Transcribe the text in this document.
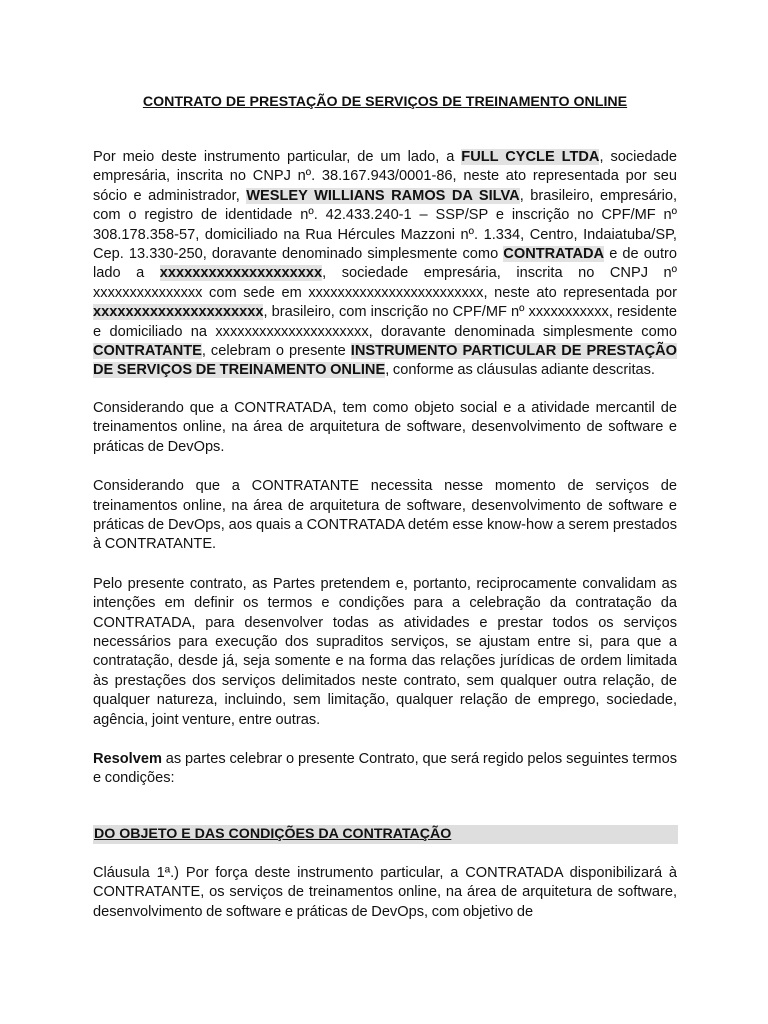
CONTRATO DE PRESTAÇÃO DE SERVIÇOS DE TREINAMENTO ONLINE

Por meio deste instrumento particular, de um lado, a FULL CYCLE LTDA, sociedade empresária, inscrita no CNPJ nº. 38.167.943/0001-86, neste ato representada por seu sócio e administrador, WESLEY WILLIANS RAMOS DA SILVA, brasileiro, empresário, com o registro de identidade nº. 42.433.240-1 – SSP/SP e inscrição no CPF/MF nº 308.178.358-57, domiciliado na Rua Hércules Mazzoni nº. 1.334, Centro, Indaiatuba/SP, Cep. 13.330-250, doravante denominado simplesmente como CONTRATADA e de outro lado a xxxxxxxxxxxxxxxxxxxx, sociedade empresária, inscrita no CNPJ nº xxxxxxxxxxxxxxx com sede em xxxxxxxxxxxxxxxxxxxxxxxx, neste ato representada por xxxxxxxxxxxxxxxxxxxxx, brasileiro, com inscrição no CPF/MF nº xxxxxxxxxxx, residente e domiciliado na xxxxxxxxxxxxxxxxxxxxx, doravante denominada simplesmente como CONTRATANTE, celebram o presente INSTRUMENTO PARTICULAR DE PRESTAÇÃO DE SERVIÇOS DE TREINAMENTO ONLINE, conforme as cláusulas adiante descritas.

Considerando que a CONTRATADA, tem como objeto social e a atividade mercantil de treinamentos online, na área de arquitetura de software, desenvolvimento de software e práticas de DevOps.

Considerando que a CONTRATANTE necessita nesse momento de serviços de treinamentos online, na área de arquitetura de software, desenvolvimento de software e práticas de DevOps, aos quais a CONTRATADA detém esse know-how a serem prestados à CONTRATANTE.

Pelo presente contrato, as Partes pretendem e, portanto, reciprocamente convalidam as intenções em definir os termos e condições para a celebração da contratação da CONTRATADA, para desenvolver todas as atividades e prestar todos os serviços necessários para execução dos supraditos serviços, se ajustam entre si, para que a contratação, desde já, seja somente e na forma das relações jurídicas de ordem limitada às prestações dos serviços delimitados neste contrato, sem qualquer outra relação, de qualquer natureza, incluindo, sem limitação, qualquer relação de emprego, sociedade, agência, joint venture, entre outras.

Resolvem as partes celebrar o presente Contrato, que será regido pelos seguintes termos e condições:

DO OBJETO E DAS CONDIÇÕES DA CONTRATAÇÃO

Cláusula 1ª.) Por força deste instrumento particular, a CONTRATADA disponibilizará à CONTRATANTE, os serviços de treinamentos online, na área de arquitetura de software, desenvolvimento de software e práticas de DevOps, com objetivo de
